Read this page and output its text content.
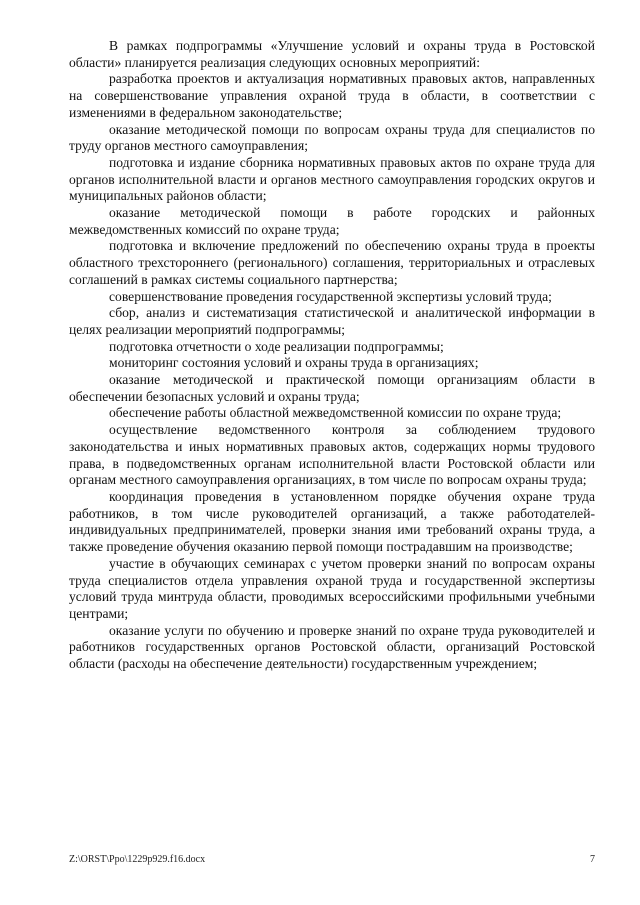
В рамках подпрограммы «Улучшение условий и охраны труда в Ростовской области» планируется реализация следующих основных мероприятий:

разработка проектов и актуализация нормативных правовых актов, направленных на совершенствование управления охраной труда в области, в соответствии с изменениями в федеральном законодательстве;

оказание методической помощи по вопросам охраны труда для специалистов по труду органов местного самоуправления;

подготовка и издание сборника нормативных правовых актов по охране труда для органов исполнительной власти и органов местного самоуправления городских округов и муниципальных районов области;

оказание методической помощи в работе городских и районных межведомственных комиссий по охране труда;

подготовка и включение предложений по обеспечению охраны труда в проекты областного трехстороннего (регионального) соглашения, территориальных и отраслевых соглашений в рамках системы социального партнерства;

совершенствование проведения государственной экспертизы условий труда;

сбор, анализ и систематизация статистической и аналитической информации в целях реализации мероприятий подпрограммы;

подготовка отчетности о ходе реализации подпрограммы;

мониторинг состояния условий и охраны труда в организациях;

оказание методической и практической помощи организациям области в обеспечении безопасных условий и охраны труда;

обеспечение работы областной межведомственной комиссии по охране труда;

осуществление ведомственного контроля за соблюдением трудового законодательства и иных нормативных правовых актов, содержащих нормы трудового права, в подведомственных органам исполнительной власти Ростовской области или органам местного самоуправления организациях, в том числе по вопросам охраны труда;

координация проведения в установленном порядке обучения охране труда работников, в том числе руководителей организаций, а также работодателей-индивидуальных предпринимателей, проверки знания ими требований охраны труда, а также проведение обучения оказанию первой помощи пострадавшим на производстве;

участие в обучающих семинарах с учетом проверки знаний по вопросам охраны труда специалистов отдела управления охраной труда и государственной экспертизы условий труда минтруда области, проводимых всероссийскими профильными учебными центрами;

оказание услуги по обучению и проверке знаний по охране труда руководителей и работников государственных органов Ростовской области, организаций Ростовской области (расходы на обеспечение деятельности) государственным учреждением;

Z:\ORST\Ppo\1229p929.f16.docx	7
